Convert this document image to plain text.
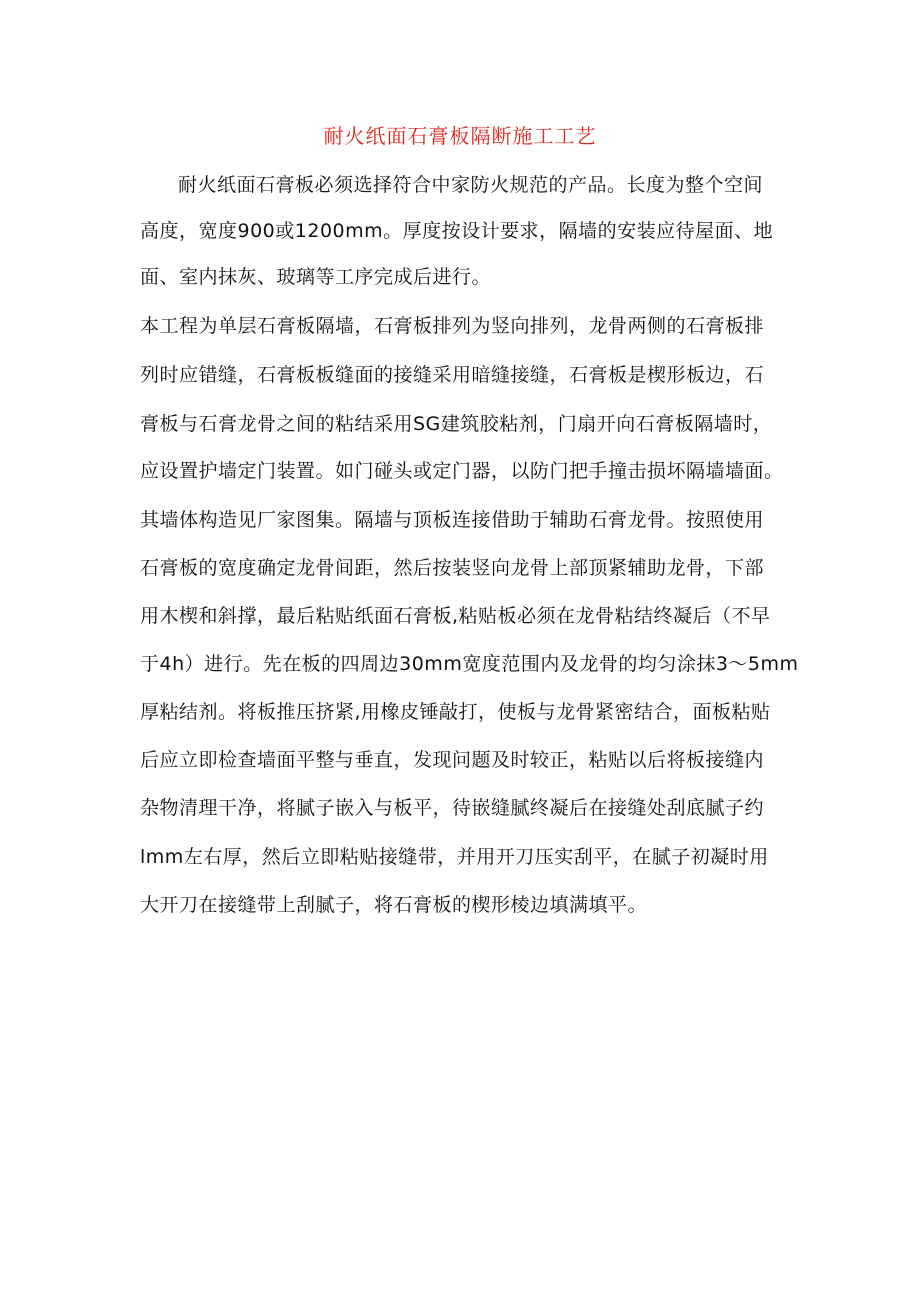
耐火纸面石膏板隔断施工工艺
耐火纸面石膏板必须选择符合中家防火规范的产品。长度为整个空间
高度，宽度900或1200mm。厚度按设计要求，隔墙的安装应待屋面、地
面、室内抹灰、玻璃等工序完成后进行。
本工程为单层石膏板隔墙，石膏板排列为竖向排列，龙骨两侧的石膏板排
列时应错缝，石膏板板缝面的接缝采用暗缝接缝，石膏板是楔形板边，石
膏板与石膏龙骨之间的粘结采用SG建筑胶粘剂，门扇开向石膏板隔墙时，
应设置护墙定门装置。如门碰头或定门器，以防门把手撞击损坏隔墙墙面。
其墙体构造见厂家图集。隔墙与顶板连接借助于辅助石膏龙骨。按照使用
石膏板的宽度确定龙骨间距，然后按装竖向龙骨上部顶紧辅助龙骨，下部
用木楔和斜撑，最后粘贴纸面石膏板,粘贴板必须在龙骨粘结终凝后（不早
于4h）进行。先在板的四周边30mm宽度范围内及龙骨的均匀涂抹3～5mm
厚粘结剂。将板推压挤紧,用橡皮锤敲打，使板与龙骨紧密结合，面板粘贴
后应立即检查墙面平整与垂直，发现问题及时较正，粘贴以后将板接缝内
杂物清理干净，将腻子嵌入与板平，待嵌缝腻终凝后在接缝处刮底腻子约
lmm左右厚，然后立即粘贴接缝带，并用开刀压实刮平，在腻子初凝时用
大开刀在接缝带上刮腻子，将石膏板的楔形棱边填满填平。
